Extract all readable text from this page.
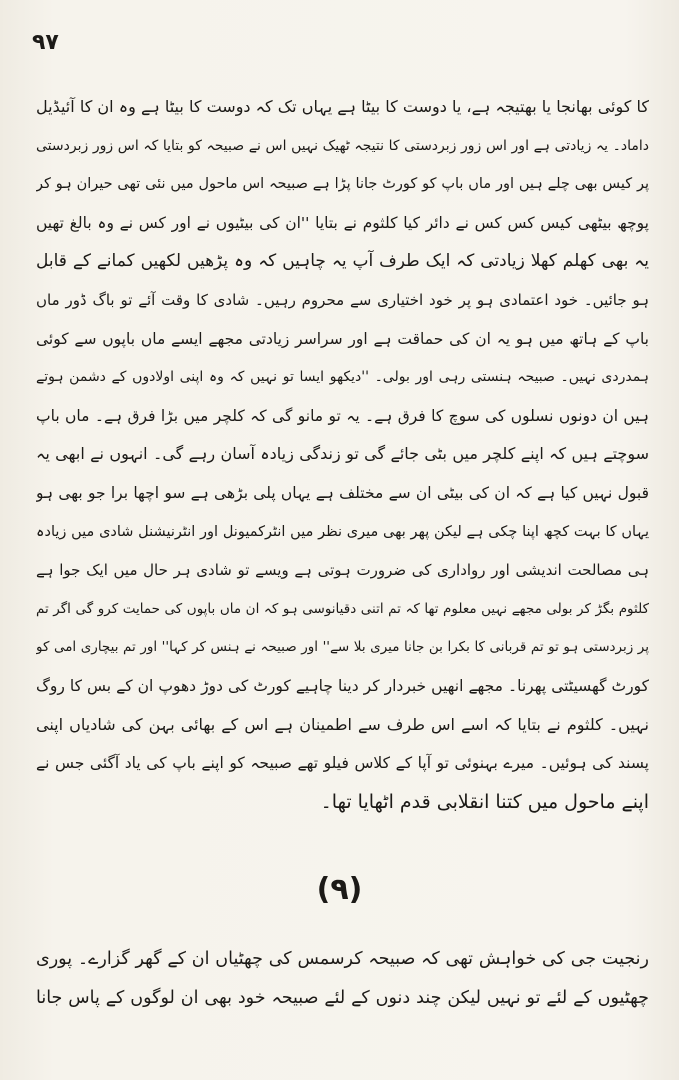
۹۷
کا کوئی بھانجا یا بھتیجہ ہے، یا دوست کا بیٹا ہے یہاں تک کہ دوست کا بیٹا ہے وہ ان کا آئیڈیل
داماد۔ یہ زیادتی ہے اور اس زور زبردستی کا نتیجہ ٹھیک نہیں اس نے صبیحہ کو بتایا کہ اس زور زبردستی
پر کیس بھی چلے ہیں اور ماں باپ کو کورٹ جانا پڑا ہے صبیحہ اس ماحول میں نئی تھی حیران ہو کر
پوچھ بیٹھی کیس کس کس نے دائر کیا کلثوم نے بتایا ''ان کی بیٹیوں نے اور کس نے وہ بالغ تھیں
یہ بھی کھلم کھلا زیادتی کہ ایک طرف آپ یہ چاہیں کہ وہ پڑھیں لکھیں کمانے کے قابل
ہو جائیں۔ خود اعتمادی ہو پر خود اختیاری سے محروم رہیں۔ شادی کا وقت آئے تو باگ ڈور ماں
باپ کے ہاتھ میں ہو یہ ان کی حماقت ہے اور سراسر زیادتی مجھے ایسے ماں باپوں سے کوئی
ہمدردی نہیں۔ صبیحہ ہنستی رہی اور بولی۔ ''دیکھو ایسا تو نہیں کہ وہ اپنی اولادوں کے دشمن ہوتے
ہیں ان دونوں نسلوں کی سوچ کا فرق ہے۔ یہ تو مانو گی کہ کلچر میں بڑا فرق ہے۔ ماں باپ
سوچتے ہیں کہ اپنے کلچر میں بٹی جائے گی تو زندگی زیادہ آسان رہے گی۔ انہوں نے ابھی یہ
قبول نہیں کیا ہے کہ ان کی بیٹی ان سے مختلف ہے یہاں پلی بڑھی ہے سو اچھا برا جو بھی ہو
یہاں کا بہت کچھ اپنا چکی ہے لیکن پھر بھی میری نظر میں انٹرکمیونل اور انٹرنیشنل شادی میں زیادہ
ہی مصالحت اندیشی اور رواداری کی ضرورت ہوتی ہے ویسے تو شادی ہر حال میں ایک جوا ہے
کلثوم بگڑ کر بولی مجھے نہیں معلوم تھا کہ تم اتنی دقیانوسی ہو کہ ان ماں باپوں کی حمایت کرو گی اگر تم
پر زبردستی ہو تو تم قربانی کا بکرا بن جانا میری بلا سے'' اور صبیحہ نے ہنس کر کہا'' اور تم بیچاری امی کو
کورٹ گھسیٹتی پھرنا۔ مجھے انھیں خبردار کر دینا چاہیے کورٹ کی دوڑ دھوپ ان کے بس کا روگ
نہیں۔ کلثوم نے بتایا کہ اسے اس طرف سے اطمینان ہے اس کے بھائی بہن کی شادیاں اپنی
پسند کی ہوئیں۔ میرے بہنوئی تو آپا کے کلاس فیلو تھے صبیحہ کو اپنے باپ کی یاد آگئی جس نے
اپنے ماحول میں کتنا انقلابی قدم اٹھایا تھا۔
(۹)
رنجیت جی کی خواہش تھی کہ صبیحہ کرسمس کی چھٹیاں ان کے گھر گزارے۔ پوری
چھٹیوں کے لئے تو نہیں لیکن چند دنوں کے لئے صبیحہ خود بھی ان لوگوں کے پاس جانا
